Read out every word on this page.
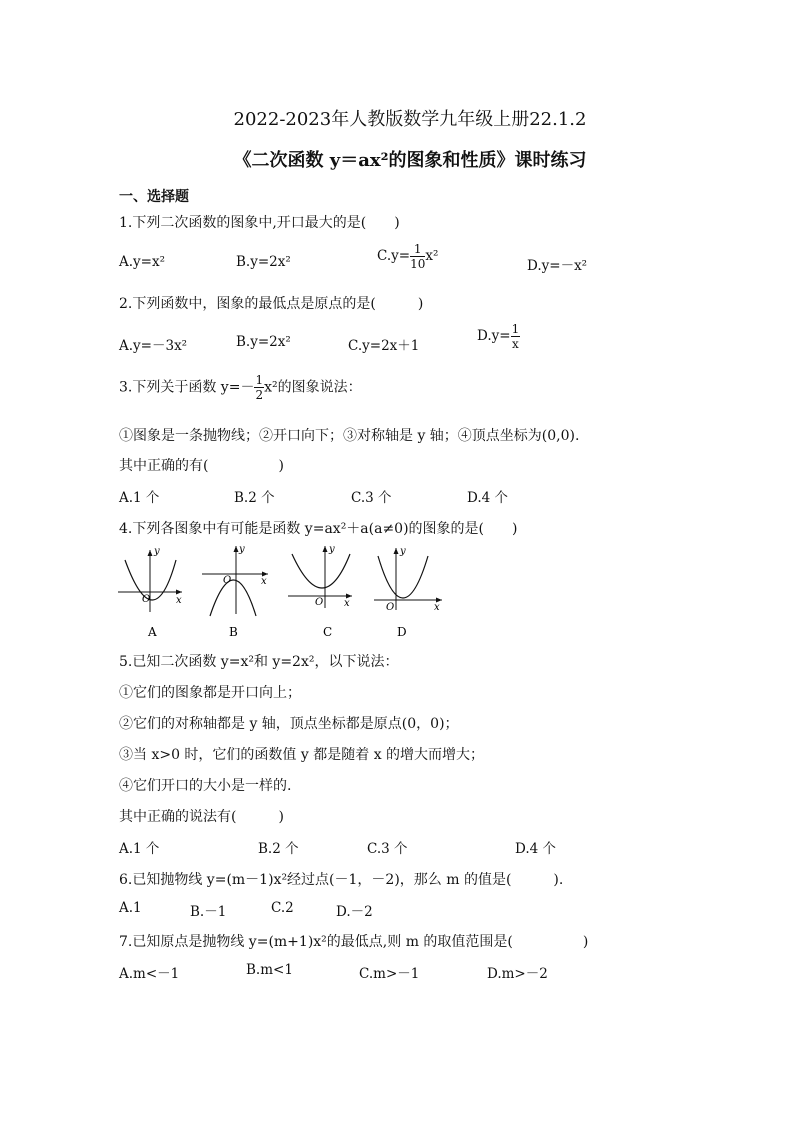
2022-2023年人教版数学九年级上册22.1.2
《二次函数 y＝ax²的图象和性质》课时练习
一、选择题
1.下列二次函数的图象中,开口最大的是(　　)
A.y=x²	B.y=2x²	$C.y= \frac{1}{10} x^2$
D.y=－x²
2.下列函数中，图象的最低点是原点的是(　　　)
A.y=－3x²	B.y=2x²	C.y=2x＋1
$D.y= \frac{1}{x}$
3.下列关于函数 $y=- \frac{1}{2} x^2$的图象说法：
①图象是一条抛物线；②开口向下；③对称轴是 y 轴；④顶点坐标为(0,0).
其中正确的有(　　　　　)
A.1 个	B.2 个	C.3 个	D.4 个
4.下列各图象中有可能是函数 y=ax²＋a(a≠0)的图象的是(　　)
y
x
O
A
y
x
O
B
y
x
O
C
y
x
O
D
5.已知二次函数 y=x²和 y=2x²，以下说法：
①它们的图象都是开口向上；
②它们的对称轴都是 y 轴，顶点坐标都是原点(0，0)；
③当 x>0 时，它们的函数值 y 都是随着 x 的增大而增大；
④它们开口的大小是一样的.
其中正确的说法有(　　　)
A.1 个	B.2 个	C.3 个	D.4 个
6.已知抛物线 y=(m－1)x²经过点(－1，－2)，那么 m 的值是(　　　).
A.1	B.－1	C.2	D.－2
7.已知原点是抛物线 y=(m+1)x²的最低点,则 m 的取值范围是(　　　　　)
A.m<－1	B.m<1	C.m>－1	D.m>－2
